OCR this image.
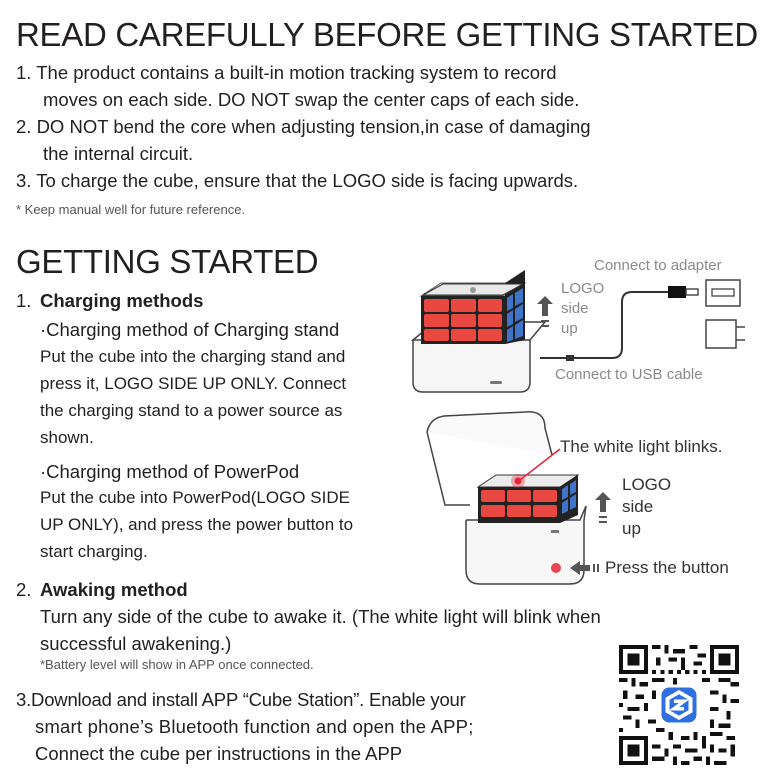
READ CAREFULLY BEFORE GETTING STARTED
1. The product contains a built-in motion tracking system to record
moves on each side. DO NOT swap the center caps of each side.
2. DO NOT bend the core when adjusting tension,in case of damaging
the internal circuit.
3. To charge the cube, ensure that the LOGO side is facing upwards.
* Keep manual well for future reference.
GETTING STARTED
1. Charging methods
·Charging method of Charging stand
Put the cube into the charging stand and
press it, LOGO SIDE UP ONLY. Connect
the charging stand to a power source as
shown.
·Charging method of PowerPod
Put the cube into PowerPod(LOGO SIDE
UP ONLY), and press the power button to
start charging.
2. Awaking method
Turn any side of the cube to awake it. (The white light will blink when
successful awakening.)
*Battery level will show in APP once connected.
3.Download and install APP “Cube Station”. Enable your
smart phone’s Bluetooth function and open the APP;
Connect the cube per instructions in the APP
Connect to adapter
Connect to USB cable
LOGO
side
up
The white light blinks.
LOGO
side
up
Press the button
